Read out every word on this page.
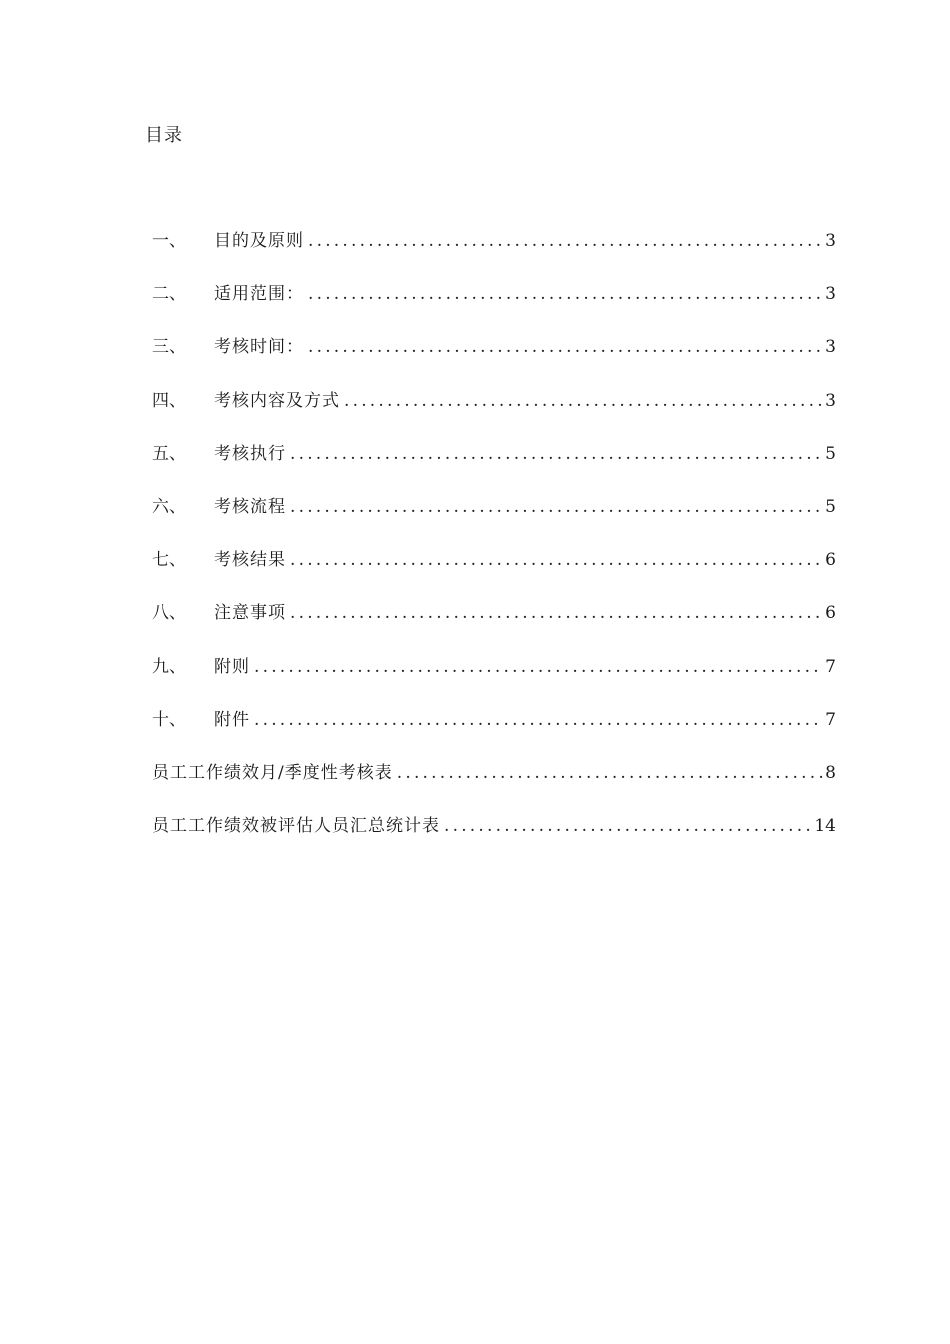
目录
一、	目的及原则 .....	3
二、	适用范围： .....	3
三、	考核时间： .....	3
四、	考核内容及方式 .....	3
五、	考核执行 .....	5
六、	考核流程 .....	5
七、	考核结果 .....	6
八、	注意事项 .....	6
九、	附则 .....	7
十、	附件 .....	7
员工工作绩效月/季度性考核表 .....	8
员工工作绩效被评估人员汇总统计表 .....	14
